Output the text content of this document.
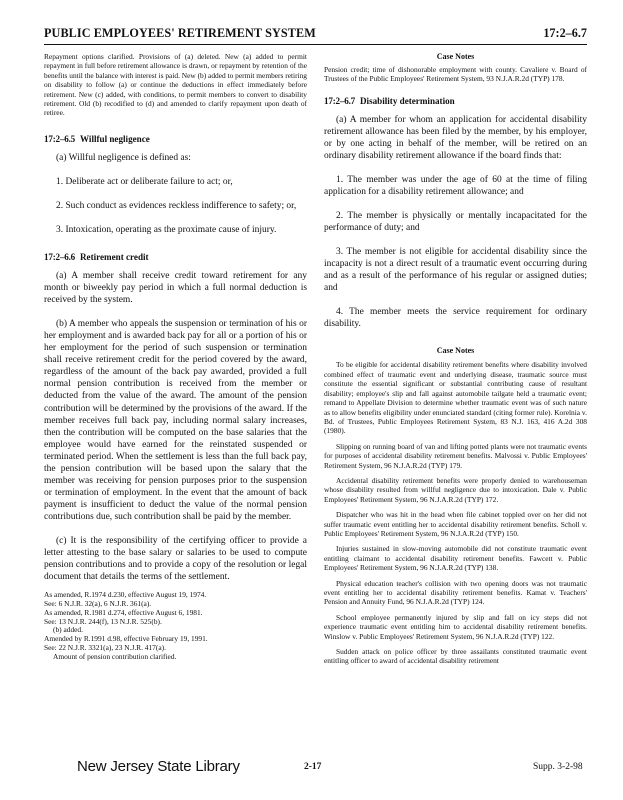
PUBLIC EMPLOYEES' RETIREMENT SYSTEM	17:2–6.7

Repayment options clarified. Provisions of (a) deleted. New (a) added to permit repayment in full before retirement allowance is drawn, or repayment by retention of the benefits until the balance with interest is paid. New (b) added to permit members retiring on disability to follow (a) or continue the deductions in effect immediately before retirement. New (c) added, with conditions, to permit members to convert to disability retirement. Old (b) recodified to (d) and amended to clarify repayment upon death of retiree.

17:2–6.5 Willful negligence

(a) Willful negligence is defined as:

1. Deliberate act or deliberate failure to act; or,

2. Such conduct as evidences reckless indifference to safety; or,

3. Intoxication, operating as the proximate cause of injury.

17:2–6.6 Retirement credit

(a) A member shall receive credit toward retirement for any month or biweekly pay period in which a full normal deduction is received by the system.

(b) A member who appeals the suspension or termination of his or her employment and is awarded back pay for all or a portion of his or her employment for the period of such suspension or termination shall receive retirement credit for the period covered by the award, regardless of the amount of the back pay awarded, provided a full normal pension contribution is received from the member or deducted from the value of the award. The amount of the pension contribution will be determined by the provisions of the award. If the member receives full back pay, including normal salary increases, then the contribution will be computed on the base salaries that the employee would have earned for the reinstated suspended or terminated period. When the settlement is less than the full back pay, the pension contribution will be based upon the salary that the member was receiving for pension purposes prior to the suspension or termination of employment. In the event that the amount of back payment is insufficient to deduct the value of the normal pension contributions due, such contribution shall be paid by the member.

(c) It is the responsibility of the certifying officer to provide a letter attesting to the base salary or salaries to be used to compute pension contributions and to provide a copy of the resolution or legal document that details the terms of the settlement.

As amended, R.1974 d.230, effective August 19, 1974.

See: 6 N.J.R. 32(a), 6 N.J.R. 361(a).

As amended, R.1981 d.274, effective August 6, 1981.

See: 13 N.J.R. 244(f), 13 N.J.R. 525(b).

(b) added.

Amended by R.1991 d.98, effective February 19, 1991.

See: 22 N.J.R. 3321(a), 23 N.J.R. 417(a).

Amount of pension contribution clarified.

Case Notes

Pension credit; time of dishonorable employment with county. Cavaliere v. Board of Trustees of the Public Employees' Retirement System, 93 N.J.A.R.2d (TYP) 178.

17:2–6.7 Disability determination

(a) A member for whom an application for accidental disability retirement allowance has been filed by the member, by his employer, or by one acting in behalf of the member, will be retired on an ordinary disability retirement allowance if the board finds that:

1. The member was under the age of 60 at the time of filing application for a disability retirement allowance; and

2. The member is physically or mentally incapacitated for the performance of duty; and

3. The member is not eligible for accidental disability since the incapacity is not a direct result of a traumatic event occurring during and as a result of the performance of his regular or assigned duties; and

4. The member meets the service requirement for ordinary disability.

Case Notes

To be eligible for accidental disability retirement benefits where disability involved combined effect of traumatic event and underlying disease, traumatic source must constitute the essential significant or substantial contributing cause of resultant disability; employee's slip and fall against automobile tailgate held a traumatic event; remand to Appellate Division to determine whether traumatic event was of such nature as to allow benefits eligibility under enunciated standard (citing former rule). Korelnia v. Bd. of Trustees, Public Employees Retirement System, 83 N.J. 163, 416 A.2d 308 (1980).

Slipping on running board of van and lifting potted plants were not traumatic events for purposes of accidental disability retirement benefits. Malvossi v. Public Employees' Retirement System, 96 N.J.A.R.2d (TYP) 179.

Accidental disability retirement benefits were properly denied to warehouseman whose disability resulted from willful negligence due to intoxication. Dale v. Public Employees' Retirement System, 96 N.J.A.R.2d (TYP) 172.

Dispatcher who was hit in the head when file cabinet toppled over on her did not suffer traumatic event entitling her to accidental disability retirement benefits. Scholl v. Public Employees' Retirement System, 96 N.J.A.R.2d (TYP) 150.

Injuries sustained in slow-moving automobile did not constitute traumatic event entitling claimant to accidental disability retirement benefits. Fawcett v. Public Employees' Retirement System, 96 N.J.A.R.2d (TYP) 138.

Physical education teacher's collision with two opening doors was not traumatic event entitling her to accidental disability retirement benefits. Kamat v. Teachers' Pension and Annuity Fund, 96 N.J.A.R.2d (TYP) 124.

School employee permanently injured by slip and fall on icy steps did not experience traumatic event entitling him to accidental disability retirement benefits. Winslow v. Public Employees' Retirement System, 96 N.J.A.R.2d (TYP) 122.

Sudden attack on police officer by three assailants constituted traumatic event entitling officer to award of accidental disability retirement

New Jersey State Library	2-17	Supp. 3-2-98
